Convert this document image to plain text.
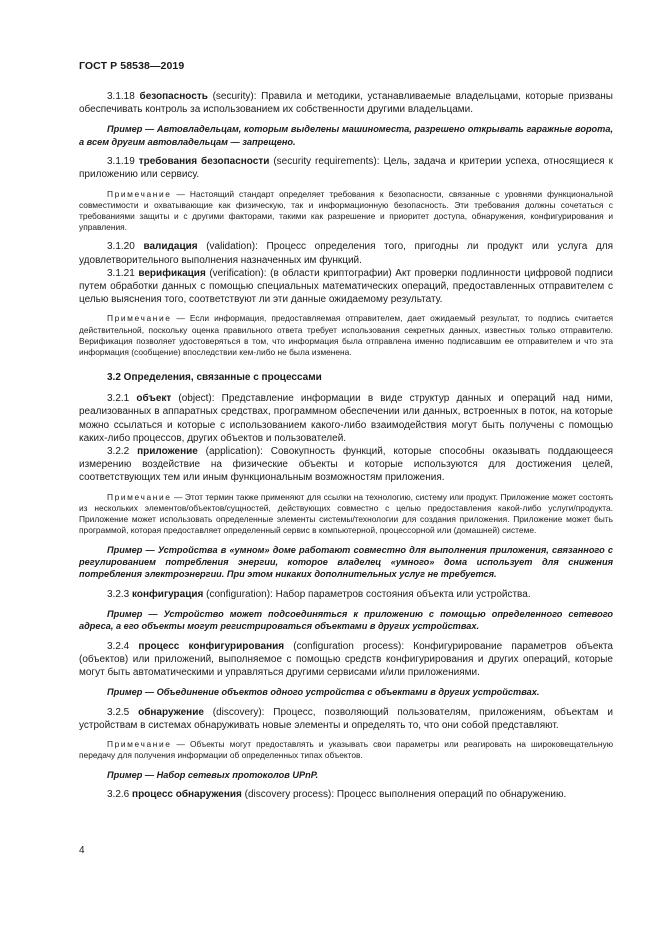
ГОСТ Р 58538—2019

3.1.18 безопасность (security): Правила и методики, устанавливаемые владельцами, которые призваны обеспечивать контроль за использованием их собственности другими владельцами.

Пример — Автовладельцам, которым выделены машиноместа, разрешено открывать гаражные ворота, а всем другим автовладельцам — запрещено.

3.1.19 требования безопасности (security requirements): Цель, задача и критерии успеха, относящиеся к приложению или сервису.

Примечание — Настоящий стандарт определяет требования к безопасности, связанные с уровнями функциональной совместимости и охватывающие как физическую, так и информационную безопасность. Эти требования должны сочетаться с требованиями защиты и с другими факторами, такими как разрешение и приоритет доступа, обнаружения, конфигурирования и управления.

3.1.20 валидация (validation): Процесс определения того, пригодны ли продукт или услуга для удовлетворительного выполнения назначенных им функций.

3.1.21 верификация (verification): (в области криптографии) Акт проверки подлинности цифровой подписи путем обработки данных с помощью специальных математических операций, предоставленных отправителем с целью выяснения того, соответствуют ли эти данные ожидаемому результату.

Примечание — Если информация, предоставляемая отправителем, дает ожидаемый результат, то подпись считается действительной, поскольку оценка правильного ответа требует использования секретных данных, известных только отправителю. Верификация позволяет удостоверяться в том, что информация была отправлена именно подписавшим ее отправителем и что эта информация (сообщение) впоследствии кем-либо не была изменена.

3.2 Определения, связанные с процессами

3.2.1 объект (object): Представление информации в виде структур данных и операций над ними, реализованных в аппаратных средствах, программном обеспечении или данных, встроенных в поток, на которые можно ссылаться и которые с использованием какого-либо взаимодействия могут быть получены с помощью каких-либо процессов, других объектов и пользователей.

3.2.2 приложение (application): Совокупность функций, которые способны оказывать поддающееся измерению воздействие на физические объекты и которые используются для достижения целей, соответствующих тем или иным функциональным возможностям приложения.

Примечание — Этот термин также применяют для ссылки на технологию, систему или продукт. Приложение может состоять из нескольких элементов/объектов/сущностей, действующих совместно с целью предоставления какой-либо услуги/продукта. Приложение может использовать определенные элементы системы/технологии для создания приложения. Приложение может быть программой, которая предоставляет определенный сервис в компьютерной, процессорной или (домашней) системе.

Пример — Устройства в «умном» доме работают совместно для выполнения приложения, связанного с регулированием потребления энергии, которое владелец «умного» дома использует для снижения потребления электроэнергии. При этом никаких дополнительных услуг не требуется.

3.2.3 конфигурация (configuration): Набор параметров состояния объекта или устройства.

Пример — Устройство может подсоединяться к приложению с помощью определенного сетевого адреса, а его объекты могут регистрироваться объектами в других устройствах.

3.2.4 процесс конфигурирования (configuration process): Конфигурирование параметров объекта (объектов) или приложений, выполняемое с помощью средств конфигурирования и других операций, которые могут быть автоматическими и управляться другими сервисами и/или приложениями.

Пример — Объединение объектов одного устройства с объектами в других устройствах.

3.2.5 обнаружение (discovery): Процесс, позволяющий пользователям, приложениям, объектам и устройствам в системах обнаруживать новые элементы и определять то, что они собой представляют.

Примечание — Объекты могут предоставлять и указывать свои параметры или реагировать на широковещательную передачу для получения информации об определенных типах объектов.

Пример — Набор сетевых протоколов UPnP.

3.2.6 процесс обнаружения (discovery process): Процесс выполнения операций по обнаружению.

4
